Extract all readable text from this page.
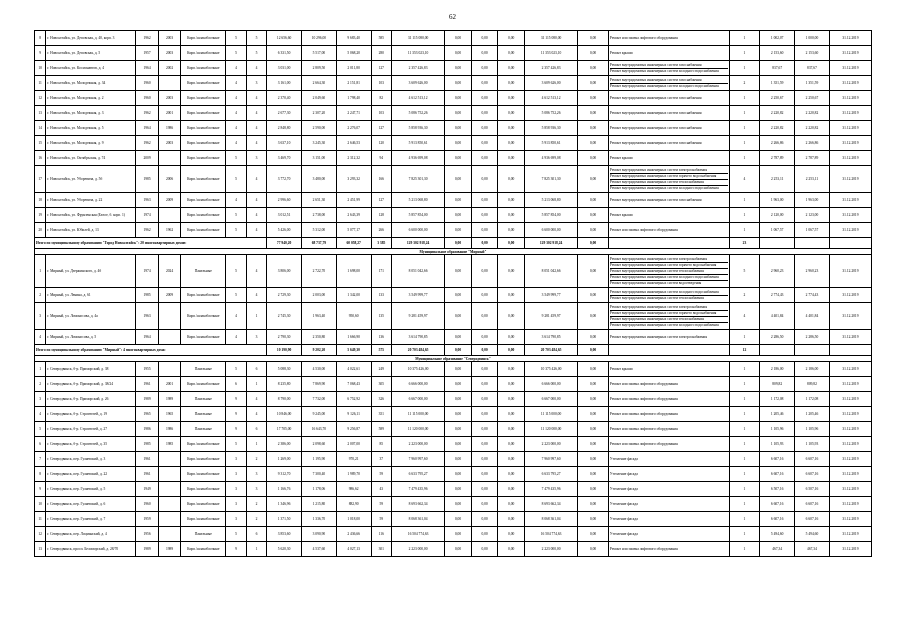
62
8	г. Новоалтайск, ул. Деповская, д. 40, корп. 3	1962	2003	Кирп./шлакоблочные	5	5	12 656,60	10 296,00	9 683,40	585	31 115 080,00	0,00	0,00	0,00	31 115 080,00	0,00	Ремонт или замена лифтового оборудования	1	1 002,07	1 000,00	31.12.2019
9	г. Новоалтайск, ул. Деповская, д. 5	1957	2003	Кирп./шлакоблочные	5	5	6 331,50	5 517,00	5 068,20	280	11 353 023,10	0,00	0,00	0,00	11 353 023,10	0,00	Ремонт крыши	1	2 153,60	2 153,60	31.12.2019
10	г. Новоалтайск, ул. Космонавтов, д. 4	1964	2002	Кирп./шлакоблочные	4	4	3 031,00	2 809,50	2 011,80	127	2 357 426,83	0,00	0,00	0,00	2 357 426,83	0,00	Ремонт внутридомовых инженерных систем газоснабжения
Ремонт внутридомовых инженерных систем холодного водоснабжения	1	837,67	837,67	31.12.2019
11	г. Новоалтайск, ул. Молодежная, д. 34	1960		Кирп./шлакоблочные	4	3	3 161,00	2 664,30	2 151,81	103	3 609 626,00	0,00	0,00	0,00	3 609 626,00	0,00	Ремонт внутридомовых инженерных систем газоснабжения
Ремонт внутридомовых инженерных систем холодного водоснабжения	2	1 351,59	1 351,59	31.12.2019
12	г. Новоалтайск, ул. Молодежная, д. 2	1960	2003	Кирп./шлакоблочные	4	4	2 370,40	2 049,60	1 798,40	82	4 612 513,12	0,00	0,00	0,00	4 612 513,12	0,00	Ремонт внутридомовых инженерных систем газоснабжения	1	2 250,67	2 250,67	31.12.2019
13	г. Новоалтайск, ул. Молодежная, д. 3	1962	2001	Кирп./шлакоблочные	4	4	2 677,30	2 307,20	2 247,71	103	5 086 752,26	0,00	0,00	0,00	5 086 752,26	0,00	Ремонт внутридомовых инженерных систем газоснабжения	1	2 220,82	2 220,82	31.12.2019
14	г. Новоалтайск, ул. Молодежная, д. 5	1964	1986	Кирп./шлакоблочные	4	4	2 848,80	2 590,00	2 276,07	127	5 858 936,30	0,00	0,00	0,00	5 858 936,30	0,00	Ремонт внутридомовых инженерных систем газоснабжения	1	2 220,82	2 220,82	31.12.2019
15	г. Новоалтайск, ул. Молодежная, д. 9	1962	2003	Кирп./шлакоблочные	4	4	3 637,10	3 245,30	2 646,53	120	5 913 850,61	0,00	0,00	0,00	5 913 850,61	0,00	Ремонт внутридомовых инженерных систем газоснабжения	1	2 266,86	2 266,86	31.12.2019
16	г. Новоалтайск, ул. Октябрьская, д. 74	2009		Кирп./шлакоблочные	5	3	3 469,70	3 151,00	2 312,32	94	4 936 699,08	0,00	0,00	0,00	4 936 699,08	0,00	Ремонт крыши	1	2 787,89	2 787,89	31.12.2019
17	г. Новоалтайск, ул. Уборевича, д. 5б	1985	2006	Кирп./шлакоблочные	5	4	3 772,70	3 480,00	3 293,32	166	7 825 301,30	0,00	0,00	0,00	7 825 301,30	0,00	Ремонт внутридомовых инженерных систем электроснабжения
Ремонт внутридомовых инженерных систем горячего водоснабжения
Ремонт внутридомовых инженерных систем теплоснабжения
Ремонт внутридомовых инженерных систем холодного водоснабжения	4	2 253,11	2 253,11	31.12.2019
18	г. Новоалтайск, ул. Уборевича, д. 22	1963	2009	Кирп./шлакоблочные	4	4	2 996,60	2 651,30	2 451,99	127	5 213 068,80	0,00	0,00	0,00	5 213 068,80	0,00	Ремонт внутридомовых инженерных систем газоснабжения	1	1 963,00	1 963,00	31.12.2019
19	г. Новоалтайск, ул. Фрунзенская (Белое, б. корп. 1)	1974		Кирп./шлакоблочные	5	4	3 012,51	2 738,00	2 643,39	128	5 857 854,00	0,00	0,00	0,00	5 857 854,00	0,00	Ремонт крыши	1	2 120,00	2 123,00	31.12.2019
20	г. Новоалтайск, ул. Юбилей, д. 13	1962	1962	Кирп./шлакоблочные	5	4	5 426,00	5 312,00	5 077,17	266	6 600 000,00	0,00	0,00	0,00	6 600 000,00	0,00	Ремонт или замена лифтового оборудования	1	1 067,57	1 067,57	31.12.2019
Итого по муниципальному образованию "Город Новоалтайск": 20 многоквартирных домов:							77 940,20	68 737,79	60 058,27	3 385	129 302 918,24	0,00	0,00	0,00	129 302 918,24	0,00		23			
Муниципальное образование "Мирный"																					
1	г. Мирный, ул. Дзержинского, д. 4б	1974	2024	Панельные	5	4	3 806,00	2 722,70	1 698,00	171	8 051 042,66	0,00	0,00	0,00	8 051 042,66	0,00	Ремонт внутридомовых инженерных систем электроснабжения
Ремонт внутридомовых инженерных систем горячего водоснабжения
Ремонт внутридомовых инженерных систем теплоснабжения
Ремонт внутридомовых инженерных систем холодного водоснабжения
Ремонт внутридомовых инженерных систем водоотведения	5	2 960,23	2 960,23	31.12.2019
2	г. Мирный, ул. Ленина, д. 61	1985	2009	Кирп./шлакоблочные	5	4	2 729,30	2 003,00	1 342,00	133	3 549 999,77	0,00	0,00	0,00	3 549 999,77	0,00	Ремонт внутридомовых инженерных систем холодного водоснабжения
Ремонт внутридомовых инженерных систем теплоснабжения	2	2 774,43	2 774,43	31.12.2019
3	г. Мирный, ул. Ломоносова, д. 4а	1963		Кирп./шлакоблочные	4	1	2 745,30	1 963,40	950,60	135	9 281 459,97	0,00	0,00	0,00	9 281 459,97	0,00	Ремонт внутридомовых инженерных систем электроснабжения
Ремонт внутридомовых инженерных систем горячего водоснабжения
Ремонт внутридомовых инженерных систем теплоснабжения
Ремонт внутридомовых инженерных систем холодного водоснабжения	4	4 401,84	4 401,84	31.12.2019
4	г. Мирный, ул. Ломоносова, д. 5	1964		Кирп./шлакоблочные	4	3	2 790,30	2 350,80	1 666,90	136	3 614 790,85	0,00	0,00	0,00	3 614 790,85	0,00	Ремонт внутридомовых инженерных систем электроснабжения	1	2 286,50	2 286,50	31.12.2019
Итого по муниципальному образованию "Мирный": 4 многоквартирных дома:							10 190,90	9 202,20	5 649,30	575	20 703 484,65	0,00	0,00	0,00	20 703 484,65	0,00		12			
Муниципальное образование "Северодвинск"																					
1	г. Северодвинск, б-р. Приморский, д. 38	1955		Панельные	5	6	5 088,30	4 530,00	4 022,61	249	10 375 426,00	0,00	0,00	0,00	10 375 426,00	0,00	Ремонт крыши	1	2 186,00	2 186,00	31.12.2019
2	г. Северодвинск, б-р. Приморский, д. 38/24	1961	2001	Кирп./шлакоблочные	6	1	8 235,80	7 869,90	7 068,43	305	6 666 000,00	0,00	0,00	0,00	6 666 000,00	0,00	Ремонт или замена лифтового оборудования	1	809,82	809,82	31.12.2019
3	г. Северодвинск, б-р. Приморский, д. 26	1989	1989	Панельные	9	4	8 790,00	7 732,00	6 752,92	326	6 667 000,00	0,00	0,00	0,00	6 667 000,00	0,00	Ремонт или замена лифтового оборудования	1	1 172,08	1 172,08	31.12.2019
4	г. Северодвинск, б-р. Строителей, д. 19	1965	1965	Панельные	9	4	10 846,00	9 245,00	9 126,11	351	11 115 000,00	0,00	0,00	0,00	11 115 000,00	0,00	Ремонт или замена лифтового оборудования	1	1 205,46	1 205,46	31.12.2019
5	г. Северодвинск, б-р. Строителей, д. 27	1986	1986	Панельные	9	6	17 705,00	16 643,70	9 256,87	589	11 120 000,00	0,00	0,00	0,00	11 120 000,00	0,00	Ремонт или замена лифтового оборудования	1	1 105,96	1 105,96	31.12.2019
6	г. Северодвинск, б-р. Строителей, д. 35	1985	1985	Кирп./шлакоблочные	5	1	2 386,00	2 098,60	2 007,00	85	2 223 000,00	0,00	0,00	0,00	2 223 000,00	0,00	Ремонт или замена лифтового оборудования	1	1 105,93	1 105,93	31.12.2019
7	г. Северодвинск, пер. Гуляевский, д. 3	1961		Кирп./шлакоблочные	3	2	1 269,00	1 195,90	970,21	37	7 960 997,60	0,00	0,00	0,00	7 960 997,60	0,00	Утепление фасада	1	6 607,16	6 607,16	31.12.2019
8	г. Северодвинск, пер. Гуляевский, д. 22	1961		Кирп./шлакоблочные	3	3	9 312,70	7 300,40	1 989,70	59	6 633 795,27	0,00	0,00	0,00	6 633 795,27	0,00	Утепление фасада	1	6 607,16	6 607,16	31.12.2019
9	г. Северодвинск, пер. Гуляевский, д. 5	1949		Кирп./шлакоблочные	3	3	1 166,76	1 178,06	986,62	43	7 479 435,96	0,00	0,00	0,00	7 479 435,96	0,00	Утепление фасада	1	6 507,16	6 507,16	31.12.2019
10	г. Северодвинск, пер. Гуляевский, д. 6	1960		Кирп./шлакоблочные	3	2	1 346,96	1 215,80	882,90	59	8 693 662,34	0,00	0,00	0,00	8 693 662,34	0,00	Утепление фасада	1	6 607,16	6 607,16	31.12.2019
11	г. Северодвинск, пер. Гуляевский, д. 7	1959		Кирп./шлакоблочные	3	2	1 371,50	1 336,70	1 018,00	59	8 068 361,04	0,00	0,00	0,00	8 068 361,04	0,00	Утепление фасада	1	6 607,16	6 607,16	31.12.2019
12	г. Северодвинск, пер. Лоцманский, д. 4	1956		Панельные	5	6	3 853,60	3 090,90	2 436,66	116	16 504 774,63	0,00	0,00	0,00	16 504 774,63	0,00	Утепление фасада	1	5 494,60	5 494,60	31.12.2019
13	г. Северодвинск, просп. Беломорский, д. 28/70	1989	1989	Кирп./шлакоблочные	9	1	5 620,30	4 537,60	4 027,13	301	2 223 000,00	0,00	0,00	0,00	2 223 000,00	0,00	Ремонт или замена лифтового оборудования	1	467,34	467,34	31.12.2019
